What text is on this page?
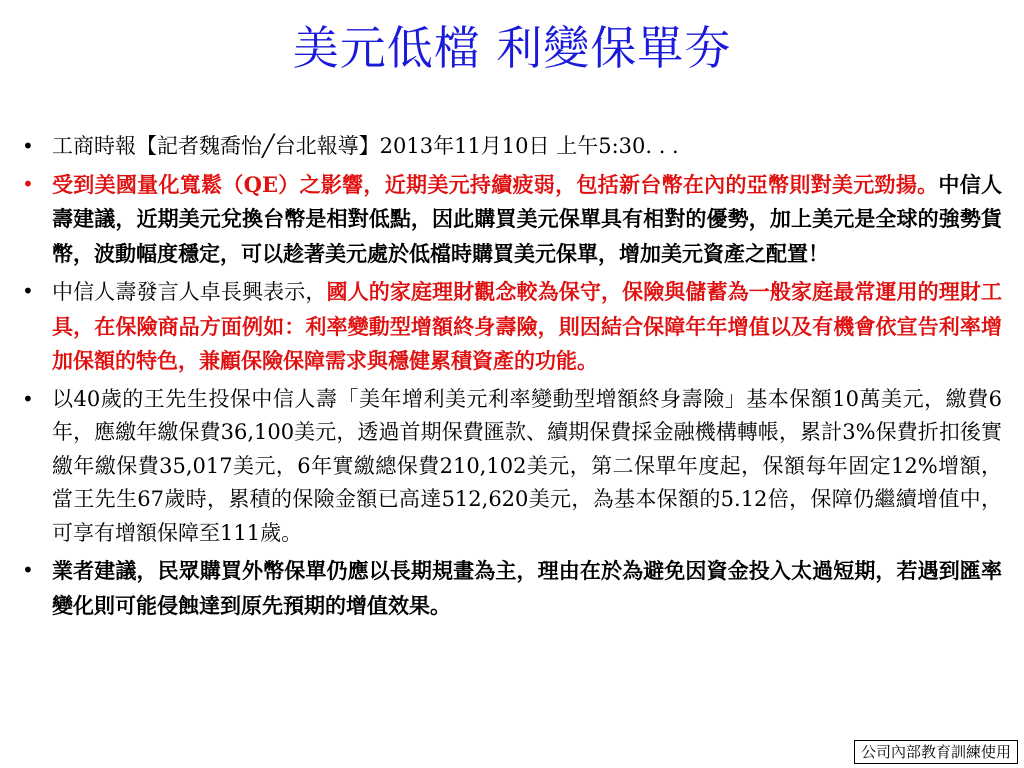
美元低檔 利變保單夯
• 工商時報【記者魏喬怡╱台北報導】2013年11月10日 上午5:30. . .
• 受到美國量化寬鬆（QE）之影響，近期美元持續疲弱，包括新台幣在內的亞幣則對美元勁揚。中信人壽建議，近期美元兌換台幣是相對低點，因此購買美元保單具有相對的優勢，加上美元是全球的強勢貨幣，波動幅度穩定，可以趁著美元處於低檔時購買美元保單，增加美元資產之配置！
• 中信人壽發言人卓長興表示，國人的家庭理財觀念較為保守，保險與儲蓄為一般家庭最常運用的理財工具，在保險商品方面例如：利率變動型增額終身壽險，則因結合保障年年增值以及有機會依宣告利率增加保額的特色，兼顧保險保障需求與穩健累積資產的功能。
• 以40歲的王先生投保中信人壽「美年增利美元利率變動型增額終身壽險」基本保額10萬美元，繳費6年，應繳年繳保費36,100美元，透過首期保費匯款、續期保費採金融機構轉帳，累計3%保費折扣後實繳年繳保費35,017美元，6年實繳總保費210,102美元，第二保單年度起，保額每年固定12%增額，當王先生67歲時，累積的保險金額已高達512,620美元，為基本保額的5.12倍，保障仍繼續增值中，可享有增額保障至111歲。
• 業者建議，民眾購買外幣保單仍應以長期規畫為主，理由在於為避免因資金投入太過短期，若遇到匯率變化則可能侵蝕達到原先預期的增值效果。
公司內部教育訓練使用
